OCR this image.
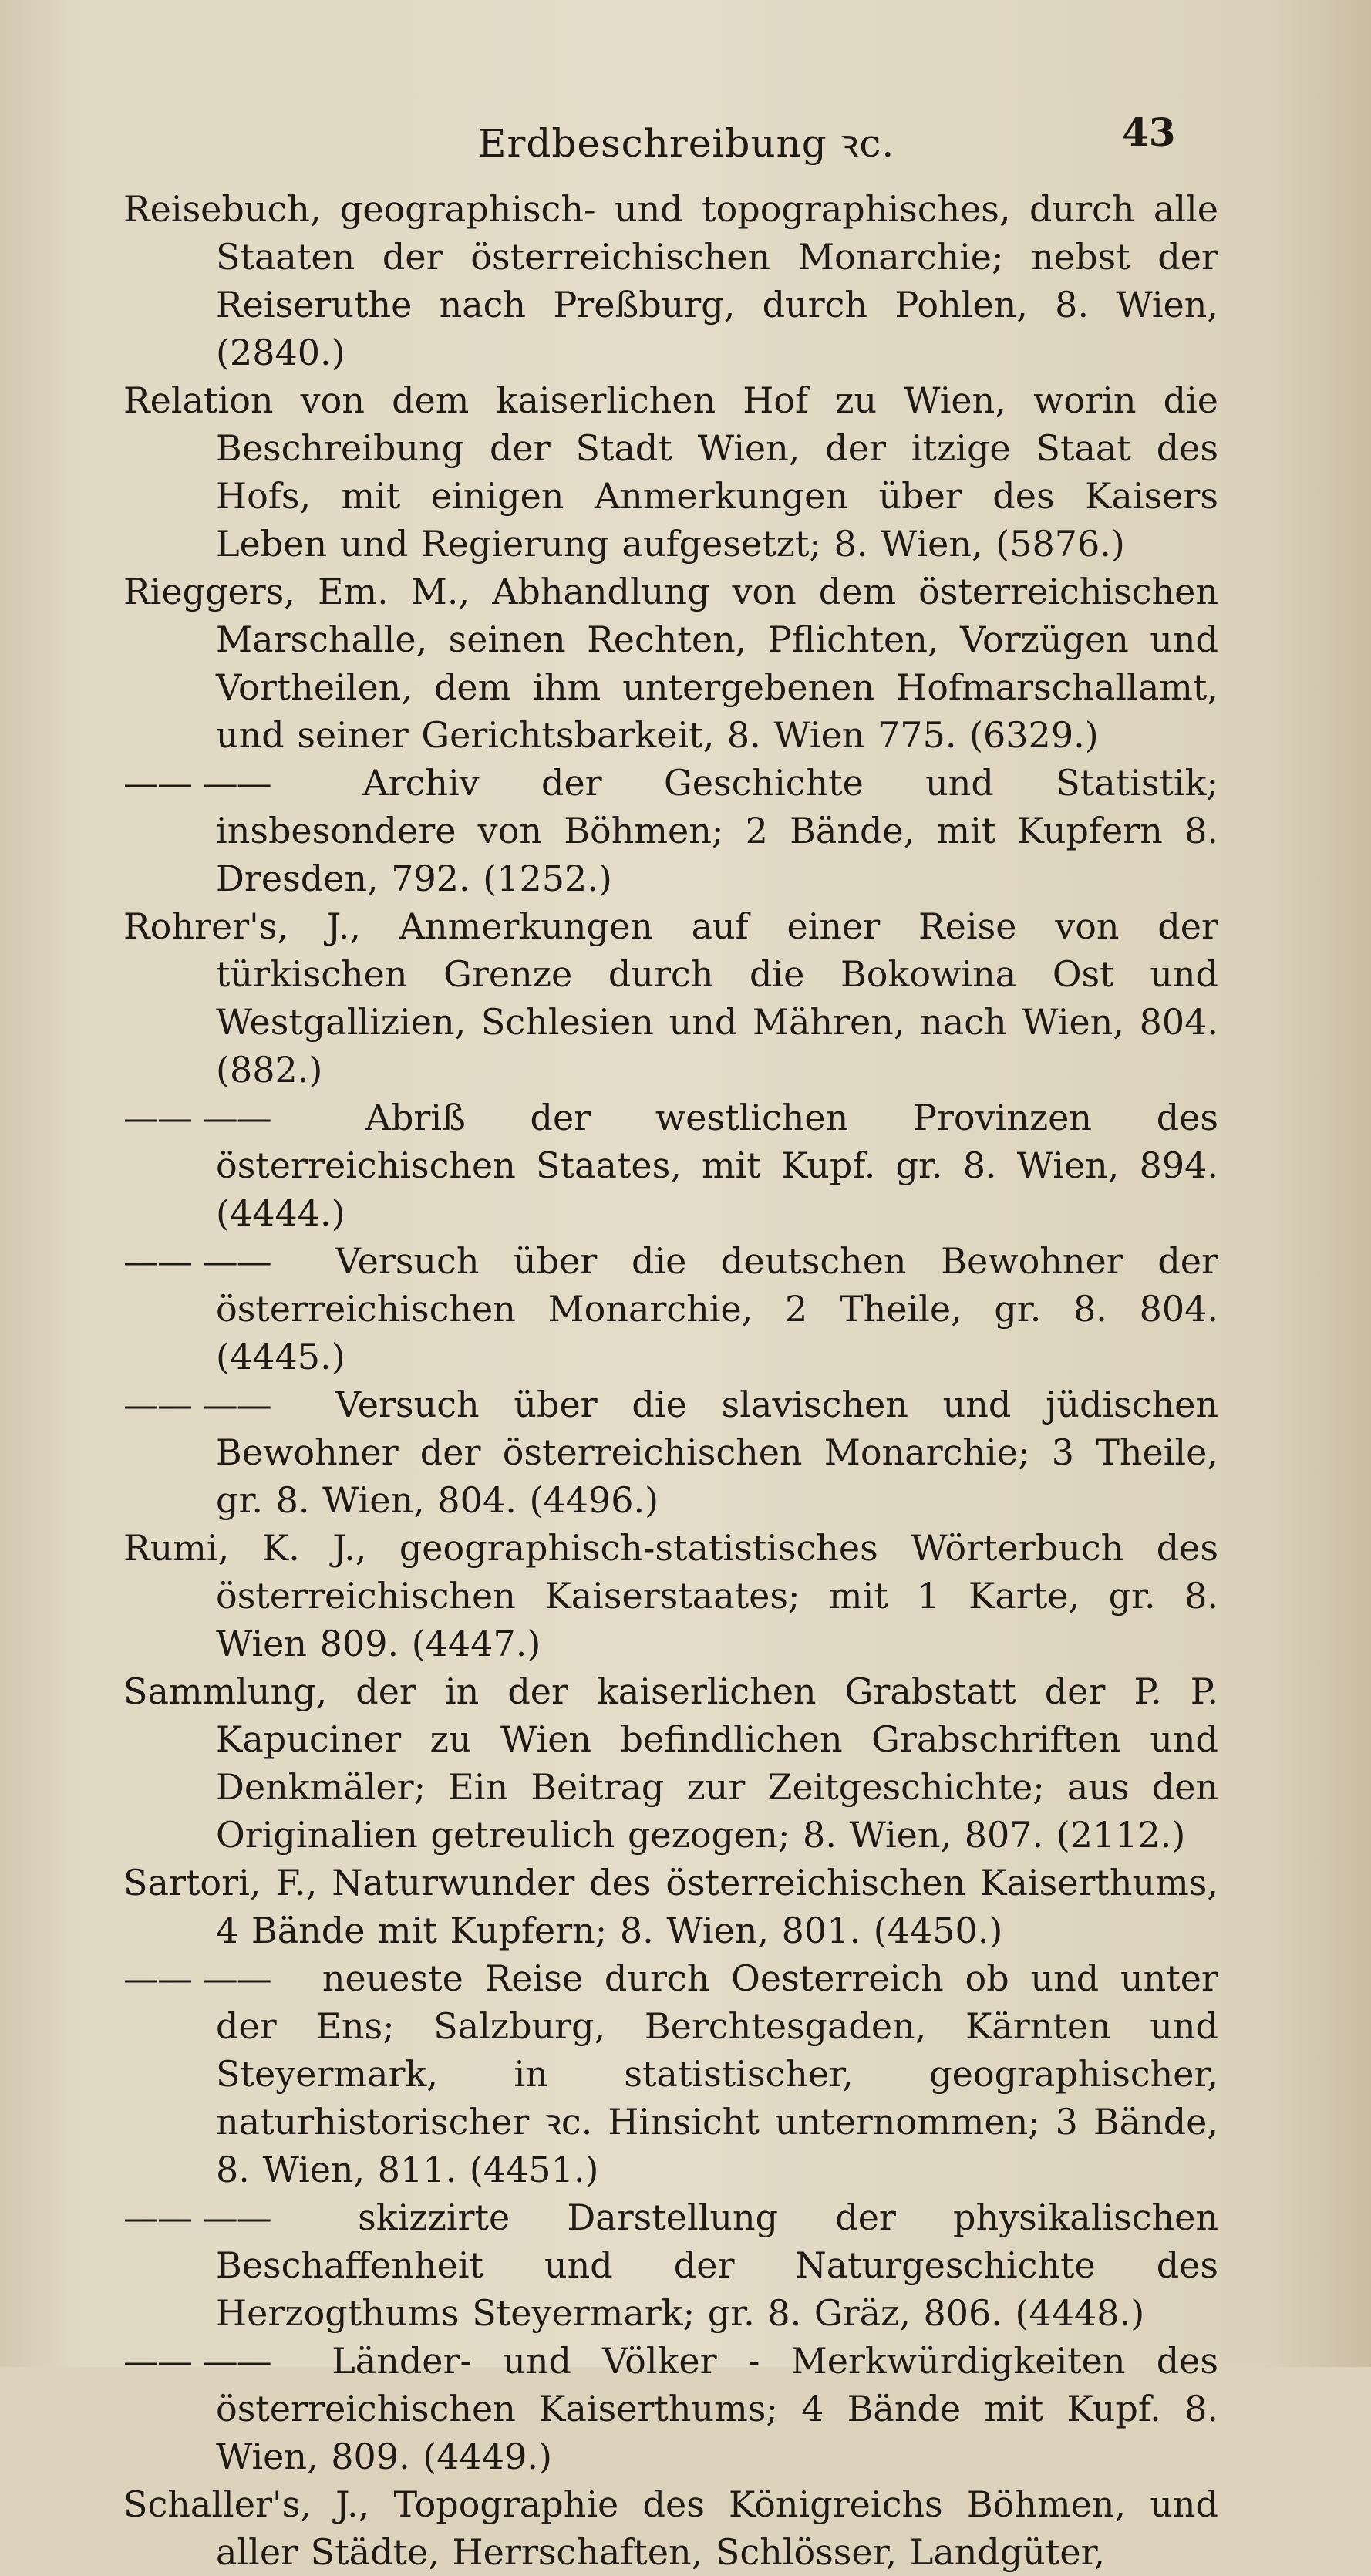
Erdbeschreibung ꝛc.	43

Reisebuch, geographisch- und topographisches, durch alle Staaten der österreichischen Monarchie; nebst der Reiseruthe nach Preßburg, durch Pohlen, 8. Wien, (2840.)

Relation von dem kaiserlichen Hof zu Wien, worin die Beschreibung der Stadt Wien, der itzige Staat des Hofs, mit einigen Anmerkungen über des Kaisers Leben und Regierung aufgesetzt; 8. Wien, (5876.)

Rieggers, Em. M., Abhandlung von dem österreichischen Marschalle, seinen Rechten, Pflichten, Vorzügen und Vortheilen, dem ihm untergebenen Hofmarschallamt, und seiner Gerichtsbarkeit, 8. Wien 775. (6329.)

—— ——	Archiv der Geschichte und Statistik; insbesondere von Böhmen; 2 Bände, mit Kupfern 8. Dresden, 792. (1252.)

Rohrer's, J., Anmerkungen auf einer Reise von der türkischen Grenze durch die Bokowina Ost und Westgallizien, Schlesien und Mähren, nach Wien, 804. (882.)

—— ——	Abriß der westlichen Provinzen des österreichischen Staates, mit Kupf. gr. 8. Wien, 894. (4444.)

—— —— Versuch über die deutschen Bewohner der österreichischen Monarchie, 2 Theile, gr. 8. 804. (4445.)

—— —— Versuch über die slavischen und jüdischen Bewohner der österreichischen Monarchie; 3 Theile, gr. 8. Wien, 804. (4496.)

Rumi, K. J., geographisch-statistisches Wörterbuch des österreichischen Kaiserstaates; mit 1 Karte, gr. 8. Wien 809. (4447.)

Sammlung, der in der kaiserlichen Grabstatt der P. P. Kapuciner zu Wien befindlichen Grabschriften und Denkmäler; Ein Beitrag zur Zeitgeschichte; aus den Originalien getreulich gezogen; 8. Wien, 807. (2112.)

Sartori, F., Naturwunder des österreichischen Kaiserthums, 4 Bände mit Kupfern; 8. Wien, 801. (4450.)

—— —— neueste Reise durch Oesterreich ob und unter der Ens; Salzburg, Berchtesgaden, Kärnten und Steyermark, in statistischer, geographischer, naturhistorischer ꝛc. Hinsicht unternommen; 3 Bände, 8. Wien, 811. (4451.)

—— —— skizzirte Darstellung der physikalischen Beschaffenheit und der Naturgeschichte des Herzogthums Steyermark; gr. 8. Gräz, 806. (4448.)

—— —— Länder- und Völker - Merkwürdigkeiten des österreichischen Kaiserthums; 4 Bände mit Kupf. 8. Wien, 809. (4449.)

Schaller's, J., Topographie des Königreichs Böhmen, und aller Städte, Herrschaften, Schlösser, Landgüter,
